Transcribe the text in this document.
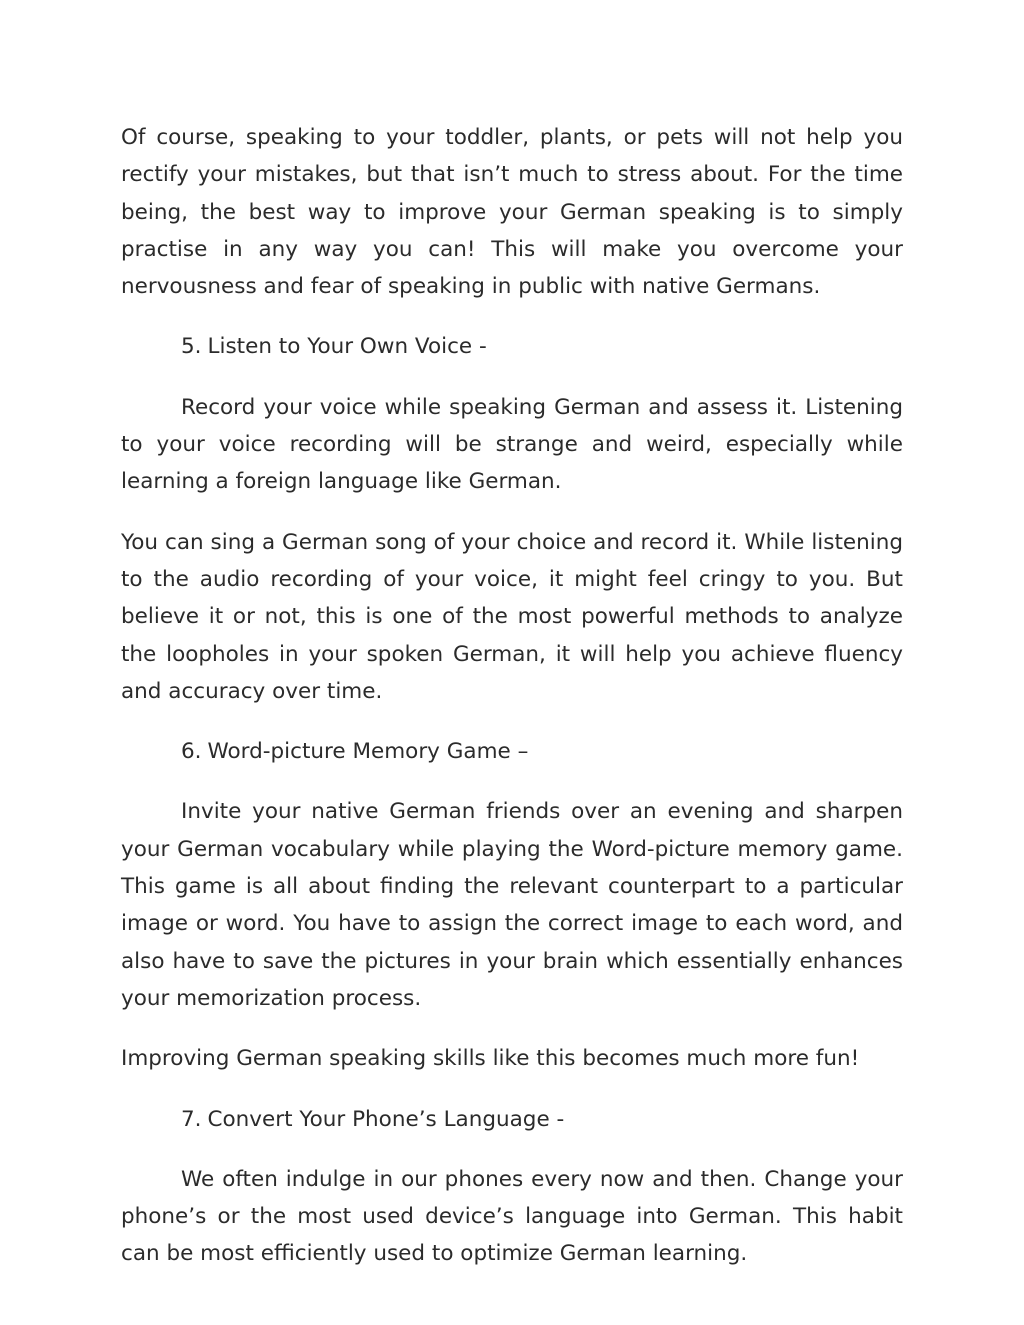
Of course, speaking to your toddler, plants, or pets will not help you rectify your mistakes, but that isn’t much to stress about. For the time being, the best way to improve your German speaking is to simply practise in any way you can! This will make you overcome your nervousness and fear of speaking in public with native Germans.

5. Listen to Your Own Voice -

Record your voice while speaking German and assess it. Listening to your voice recording will be strange and weird, especially while learning a foreign language like German.

You can sing a German song of your choice and record it. While listening to the audio recording of your voice, it might feel cringy to you. But believe it or not, this is one of the most powerful methods to analyze the loopholes in your spoken German, it will help you achieve fluency and accuracy over time.

6. Word-picture Memory Game –

Invite your native German friends over an evening and sharpen your German vocabulary while playing the Word-picture memory game. This game is all about finding the relevant counterpart to a particular image or word. You have to assign the correct image to each word, and also have to save the pictures in your brain which essentially enhances your memorization process.

Improving German speaking skills like this becomes much more fun!

7. Convert Your Phone’s Language -

We often indulge in our phones every now and then. Change your phone’s or the most used device’s language into German. This habit can be most efficiently used to optimize German learning.
